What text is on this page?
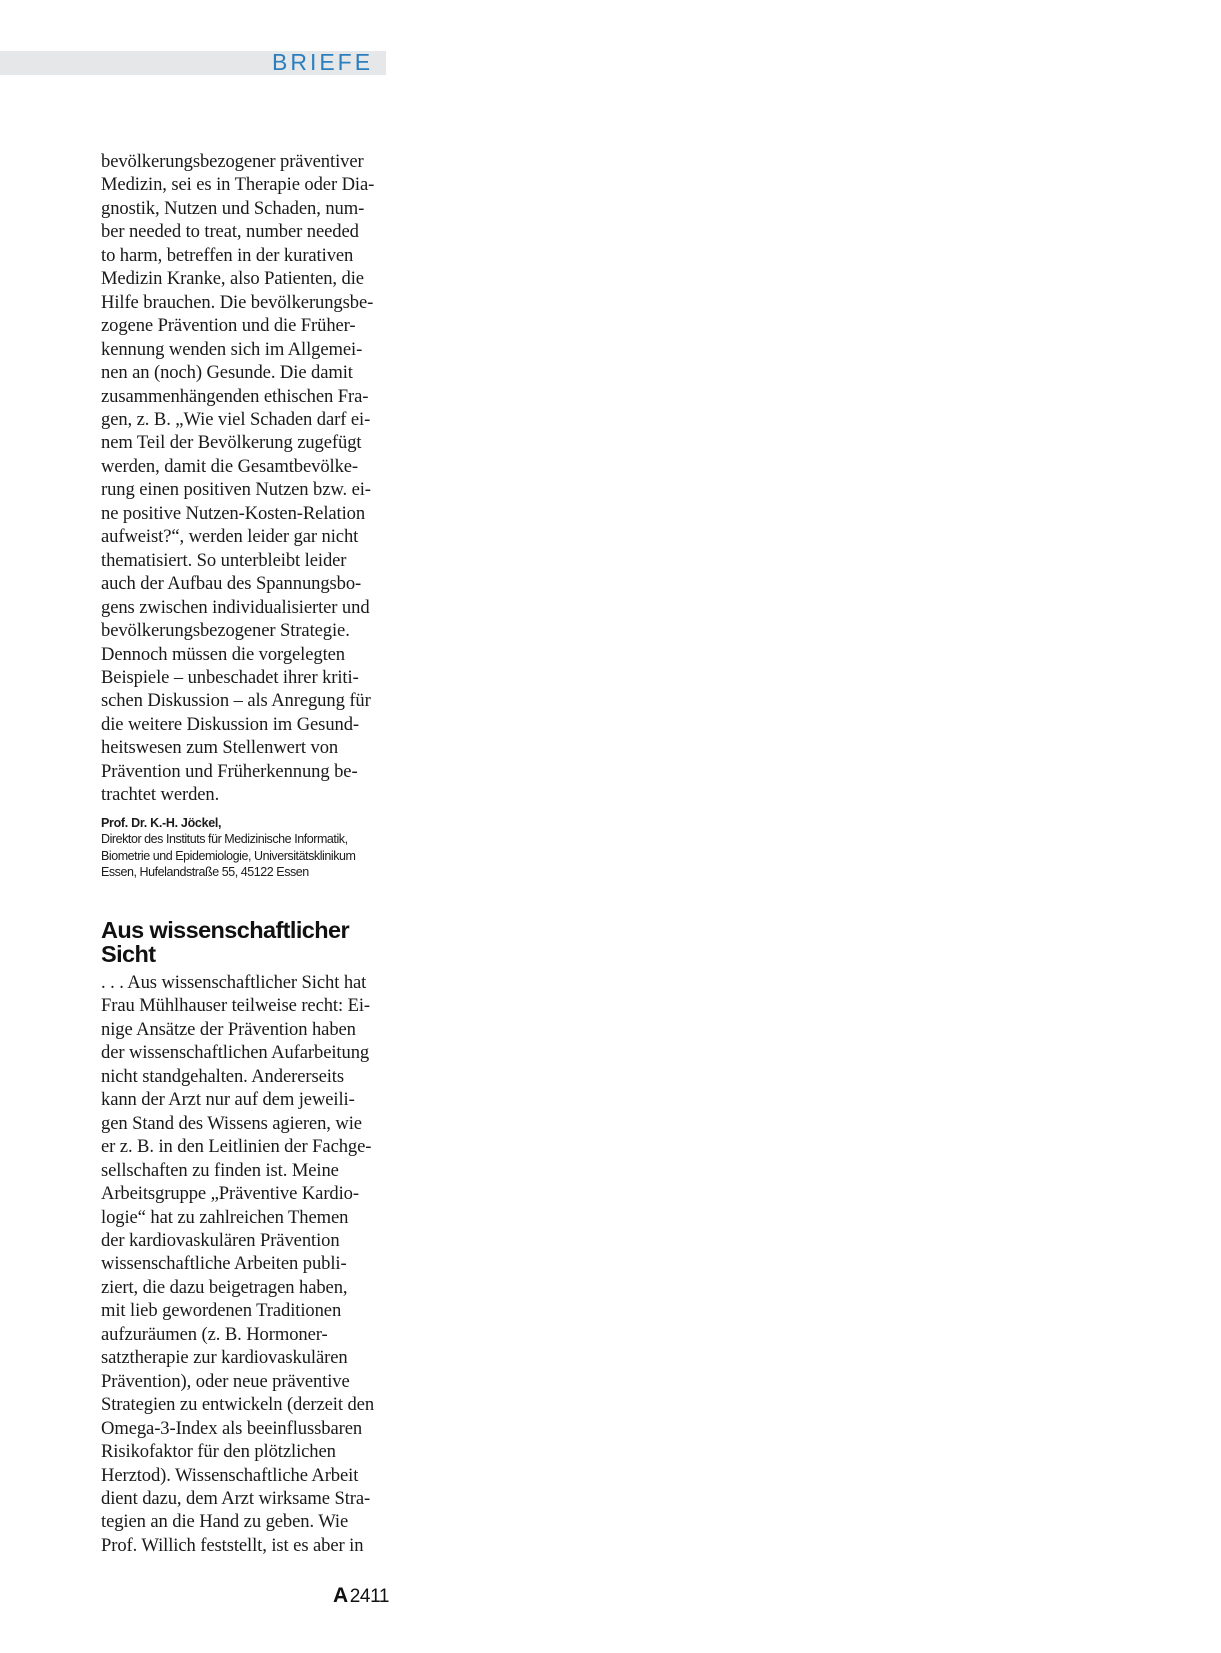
BRIEFE
bevölkerungsbezogener präventiver
Medizin, sei es in Therapie oder Dia-
gnostik, Nutzen und Schaden, num-
ber needed to treat, number needed
to harm, betreffen in der kurativen
Medizin Kranke, also Patienten, die
Hilfe brauchen. Die bevölkerungsbe-
zogene Prävention und die Früher-
kennung wenden sich im Allgemei-
nen an (noch) Gesunde. Die damit
zusammenhängenden ethischen Fra-
gen, z. B. „Wie viel Schaden darf ei-
nem Teil der Bevölkerung zugefügt
werden, damit die Gesamtbevölke-
rung einen positiven Nutzen bzw. ei-
ne positive Nutzen-Kosten-Relation
aufweist?“, werden leider gar nicht
thematisiert. So unterbleibt leider
auch der Aufbau des Spannungsbo-
gens zwischen individualisierter und
bevölkerungsbezogener Strategie.
Dennoch müssen die vorgelegten
Beispiele – unbeschadet ihrer kriti-
schen Diskussion – als Anregung für
die weitere Diskussion im Gesund-
heitswesen zum Stellenwert von
Prävention und Früherkennung be-
trachtet werden.
Prof. Dr. K.-H. Jöckel,
Direktor des Instituts für Medizinische Informatik,
Biometrie und Epidemiologie, Universitätsklinikum
Essen, Hufelandstraße 55, 45122 Essen
Aus wissenschaftlicher
Sicht
. . . Aus wissenschaftlicher Sicht hat
Frau Mühlhauser teilweise recht: Ei-
nige Ansätze der Prävention haben
der wissenschaftlichen Aufarbeitung
nicht standgehalten. Andererseits
kann der Arzt nur auf dem jeweili-
gen Stand des Wissens agieren, wie
er z. B. in den Leitlinien der Fachge-
sellschaften zu finden ist. Meine
Arbeitsgruppe „Präventive Kardio-
logie“ hat zu zahlreichen Themen
der kardiovaskulären Prävention
wissenschaftliche Arbeiten publi-
ziert, die dazu beigetragen haben,
mit lieb gewordenen Traditionen
aufzuräumen (z. B. Hormoner-
satztherapie zur kardiovaskulären
Prävention), oder neue präventive
Strategien zu entwickeln (derzeit den
Omega-3-Index als beeinflussbaren
Risikofaktor für den plötzlichen
Herztod). Wissenschaftliche Arbeit
dient dazu, dem Arzt wirksame Stra-
tegien an die Hand zu geben. Wie
Prof. Willich feststellt, ist es aber in
A 2411
